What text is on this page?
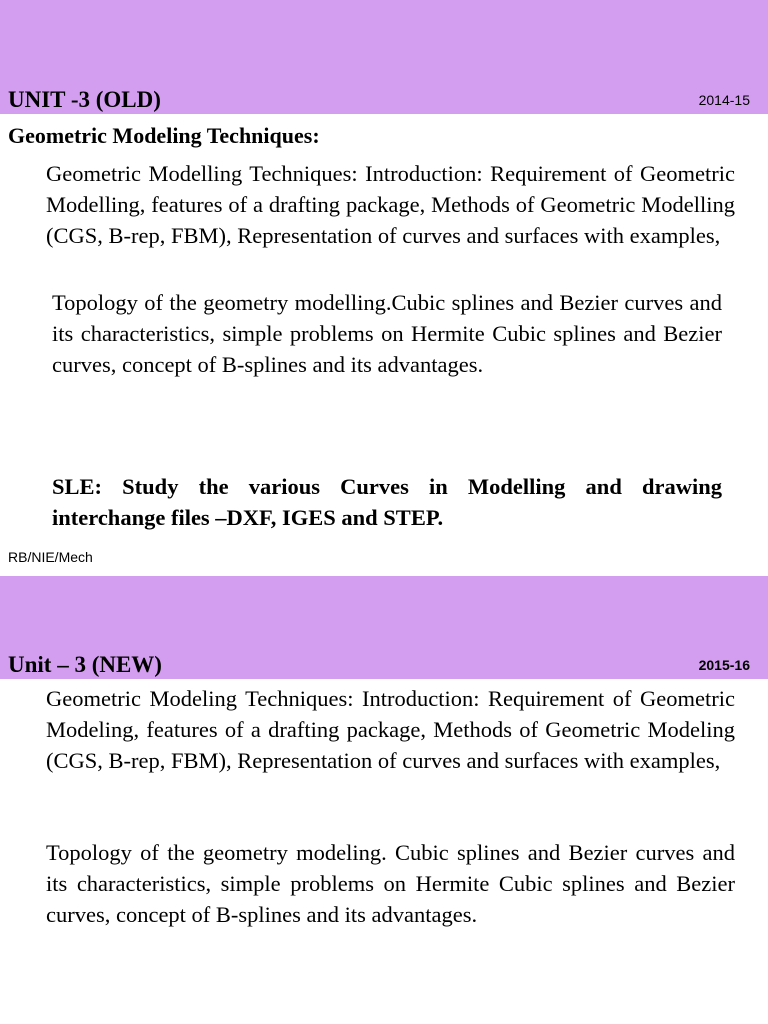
UNIT -3 (OLD)	2014-15
Geometric Modeling Techniques:

Geometric Modelling Techniques: Introduction: Requirement of Geometric Modelling, features of a drafting package, Methods of Geometric Modelling (CGS, B-rep, FBM), Representation of curves and surfaces with examples,

Topology of the geometry modelling.Cubic splines and Bezier curves and its characteristics, simple problems on Hermite Cubic splines and Bezier curves, concept of B-splines and its advantages.

SLE: Study the various Curves in Modelling and drawing interchange files –DXF, IGES and STEP.

RB/NIE/Mech
Unit – 3 (NEW)	2015-16

Geometric Modeling Techniques: Introduction: Requirement of Geometric Modeling, features of a drafting package, Methods of Geometric Modeling (CGS, B-rep, FBM), Representation of curves and surfaces with examples,

Topology of the geometry modeling. Cubic splines and Bezier curves and its characteristics, simple problems on Hermite Cubic splines and Bezier curves, concept of B-splines and its advantages.
